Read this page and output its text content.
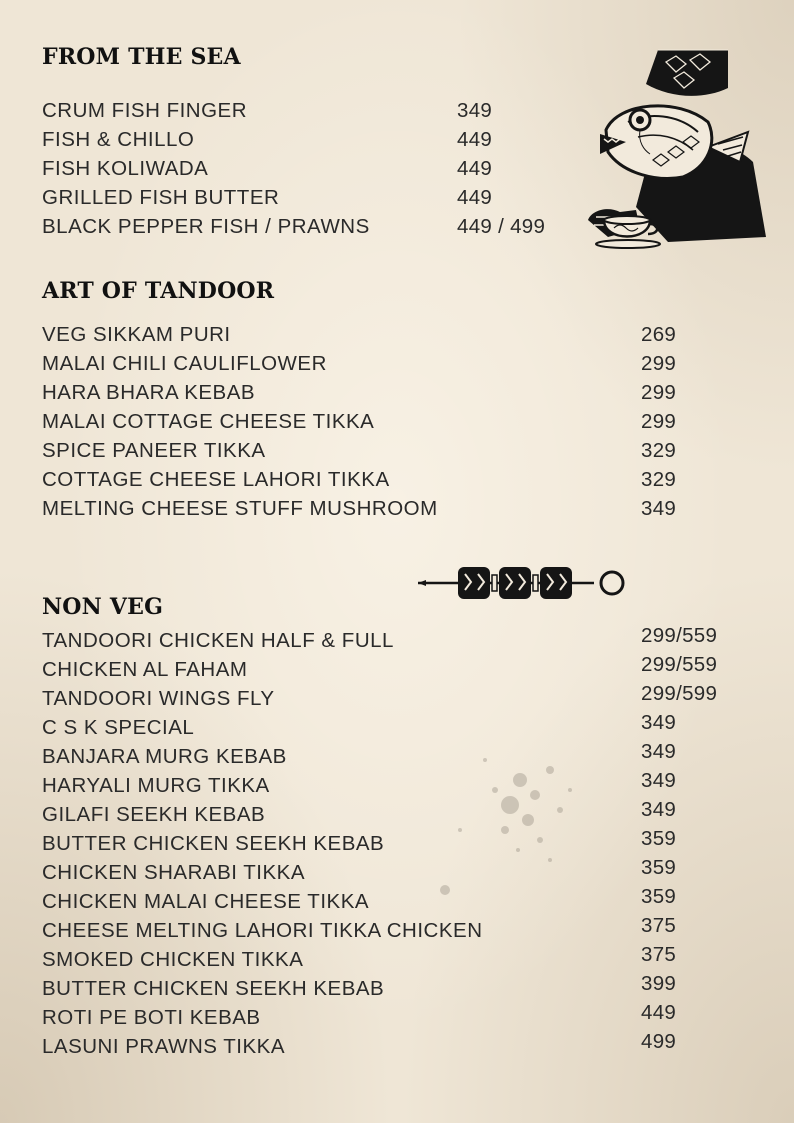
FROM THE SEA
CRUM FISH FINGER	349
FISH & CHILLO	449
FISH KOLIWADA	449
GRILLED FISH BUTTER	449
BLACK PEPPER FISH / PRAWNS	449 / 499
ART OF TANDOOR
VEG SIKKAM PURI	269
MALAI CHILI CAULIFLOWER	299
HARA BHARA KEBAB	299
MALAI COTTAGE CHEESE TIKKA	299
SPICE PANEER TIKKA	329
COTTAGE CHEESE LAHORI TIKKA	329
MELTING CHEESE STUFF MUSHROOM	349
NON VEG
TANDOORI CHICKEN HALF & FULL	299/559
CHICKEN AL FAHAM	299/559
TANDOORI WINGS FLY	299/599
C S K SPECIAL	349
BANJARA MURG KEBAB	349
HARYALI MURG TIKKA	349
GILAFI SEEKH KEBAB	349
BUTTER CHICKEN SEEKH KEBAB	359
CHICKEN SHARABI TIKKA	359
CHICKEN MALAI CHEESE TIKKA	359
CHEESE MELTING LAHORI TIKKA CHICKEN	375
SMOKED CHICKEN TIKKA	375
BUTTER CHICKEN SEEKH KEBAB	399
ROTI PE BOTI KEBAB	449
LASUNI PRAWNS TIKKA	499
